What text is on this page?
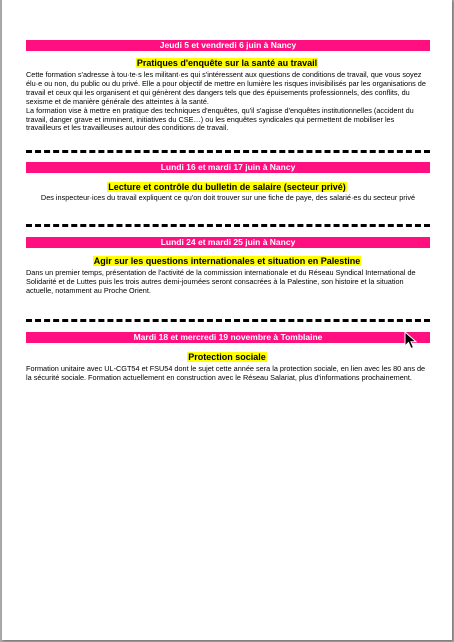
Jeudi 5 et vendredi 6 juin à Nancy
Pratiques d'enquête sur la santé au travail
Cette formation s'adresse à tou·te·s les militant·es qui s'intéressent aux questions de conditions de travail, que vous soyez élu·e ou non, du public ou du privé. Elle a pour objectif de mettre en lumière les risques invisibilisés par les organisations de travail et ceux qui les organisent et qui génèrent des dangers tels que des épuisements professionnels, des conflits, du sexisme et de manière générale des atteintes à la santé.
La formation vise à mettre en pratique des techniques d'enquêtes, qu'il s'agisse d'enquêtes institutionnelles (accident du travail, danger grave et imminent, initiatives du CSE…) ou les enquêtes syndicales qui permettent de mobiliser les travailleurs et les travailleuses autour des conditions de travail.
Lundi 16 et mardi 17 juin à Nancy
Lecture et contrôle du bulletin de salaire (secteur privé)
Des inspecteur·ices du travail expliquent ce qu'on doit trouver sur une fiche de paye, des salarié·es du secteur privé
Lundi 24 et mardi 25 juin à Nancy
Agir sur les questions internationales et situation en Palestine
Dans un premier temps, présentation de l'activité de la commission internationale et du Réseau Syndical International de Solidarité et de Luttes puis les trois autres demi-journées seront consacrées à la Palestine, son histoire et la situation actuelle, notamment au Proche Orient.
Mardi 18 et mercredi 19 novembre à Tomblaine
Protection sociale
Formation unitaire avec UL-CGT54 et FSU54 dont le sujet cette année sera la protection sociale, en lien avec les 80 ans de la sécurité sociale. Formation actuellement en construction avec le Réseau Salariat, plus d'informations prochainement.
